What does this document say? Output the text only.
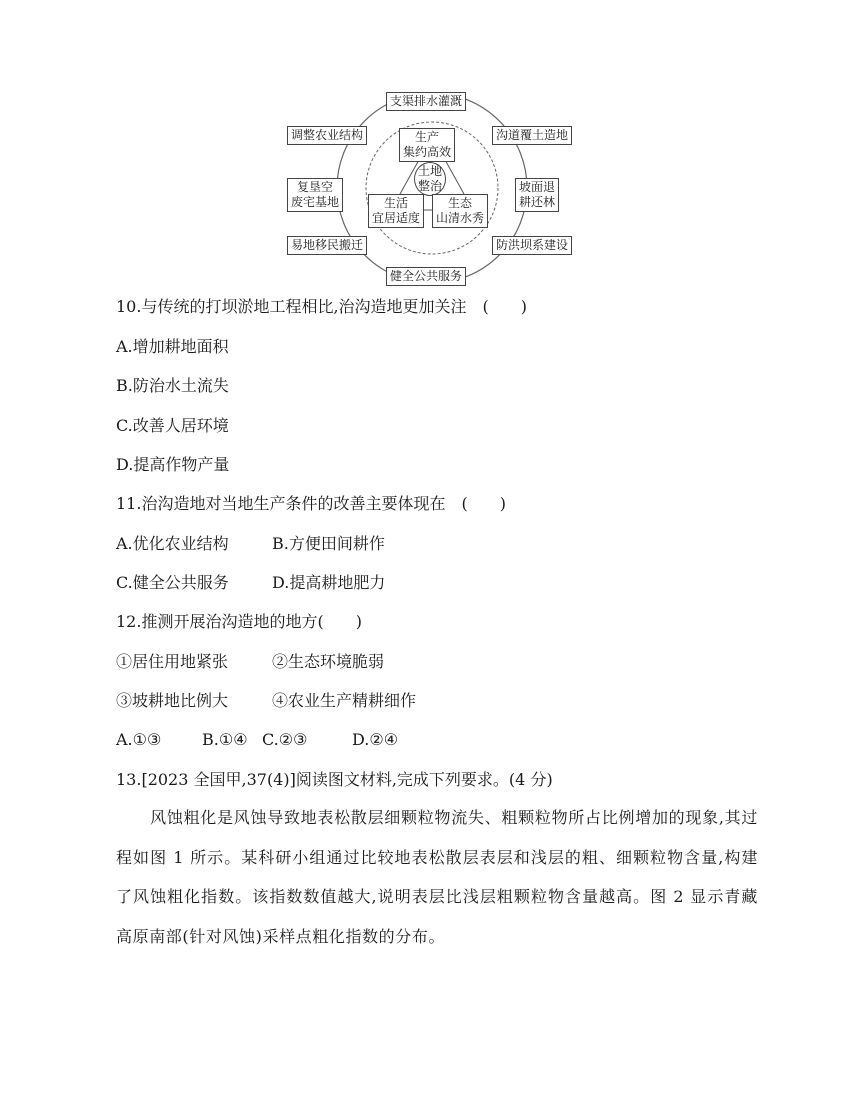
支渠排水灌溉
调整农业结构	沟道覆土造地
复垦空
废宅基地
坡面退
耕还林
易地移民搬迁	防洪坝系建设
健全公共服务
生产
集约高效
土地
整治
生活
宜居适度
生态
山清水秀
10.与传统的打坝淤地工程相比,治沟造地更加关注　(　　)
A.增加耕地面积
B.防治水土流失
C.改善人居环境
D.提高作物产量
11.治沟造地对当地生产条件的改善主要体现在　(　　)
A.优化农业结构	B.方便田间耕作
C.健全公共服务	D.提高耕地肥力
12.推测开展治沟造地的地方(　　)
①居住用地紧张	②生态环境脆弱
③坡耕地比例大	④农业生产精耕细作
A.①③	B.①④ C.②③	D.②④
13.[2023 全国甲,37(4)]阅读图文材料,完成下列要求。(4 分)
风蚀粗化是风蚀导致地表松散层细颗粒物流失、粗颗粒物所占比例增加的现象,其过程如图 1 所示。某科研小组通过比较地表松散层表层和浅层的粗、细颗粒物含量,构建了风蚀粗化指数。该指数数值越大,说明表层比浅层粗颗粒物含量越高。图 2 显示青藏高原南部(针对风蚀)采样点粗化指数的分布。
